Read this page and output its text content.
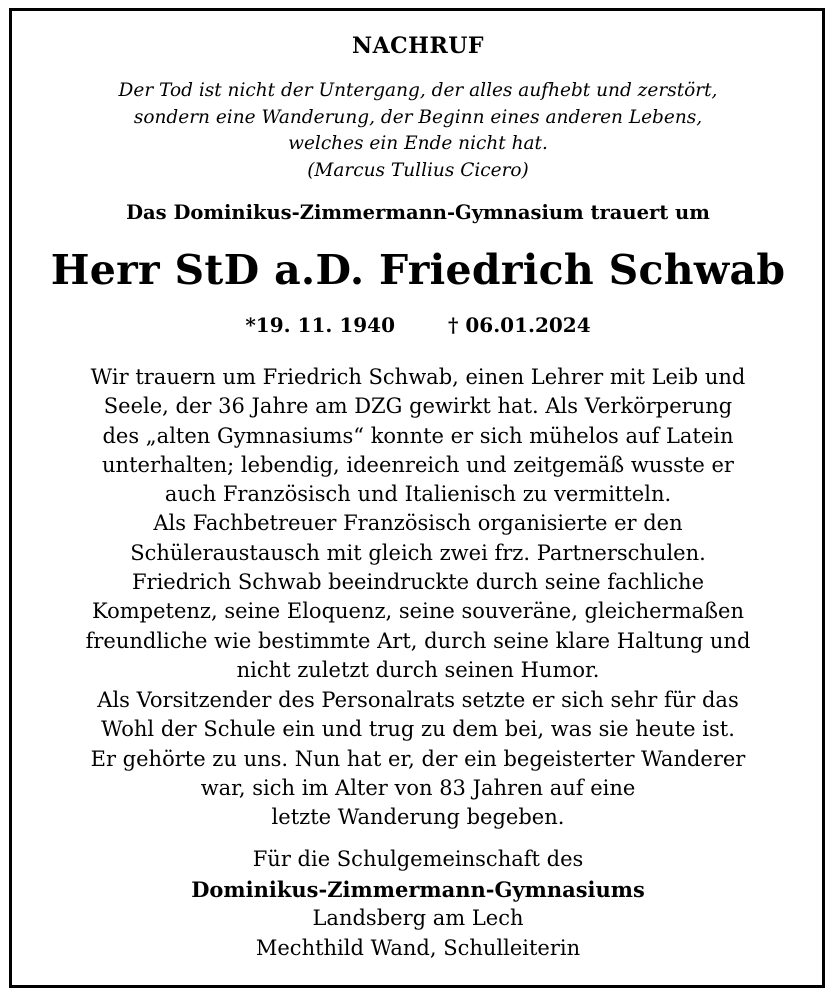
NACHRUF
Der Tod ist nicht der Untergang, der alles aufhebt und zerstört,
sondern eine Wanderung, der Beginn eines anderen Lebens,
welches ein Ende nicht hat.
(Marcus Tullius Cicero)
Das Dominikus-Zimmermann-Gymnasium trauert um
Herr StD a.D. Friedrich Schwab
*19. 11. 1940	† 06.01.2024
Wir trauern um Friedrich Schwab, einen Lehrer mit Leib und
Seele, der 36 Jahre am DZG gewirkt hat. Als Verkörperung
des „alten Gymnasiums“ konnte er sich mühelos auf Latein
unterhalten; lebendig, ideenreich und zeitgemäß wusste er
auch Französisch und Italienisch zu vermitteln.
Als Fachbetreuer Französisch organisierte er den
Schüleraustausch mit gleich zwei frz. Partnerschulen.
Friedrich Schwab beeindruckte durch seine fachliche
Kompetenz, seine Eloquenz, seine souveräne, gleichermaßen
freundliche wie bestimmte Art, durch seine klare Haltung und
nicht zuletzt durch seinen Humor.
Als Vorsitzender des Personalrats setzte er sich sehr für das
Wohl der Schule ein und trug zu dem bei, was sie heute ist.
Er gehörte zu uns. Nun hat er, der ein begeisterter Wanderer
war, sich im Alter von 83 Jahren auf eine
letzte Wanderung begeben.
Für die Schulgemeinschaft des
Dominikus-Zimmermann-Gymnasiums
Landsberg am Lech
Mechthild Wand, Schulleiterin
